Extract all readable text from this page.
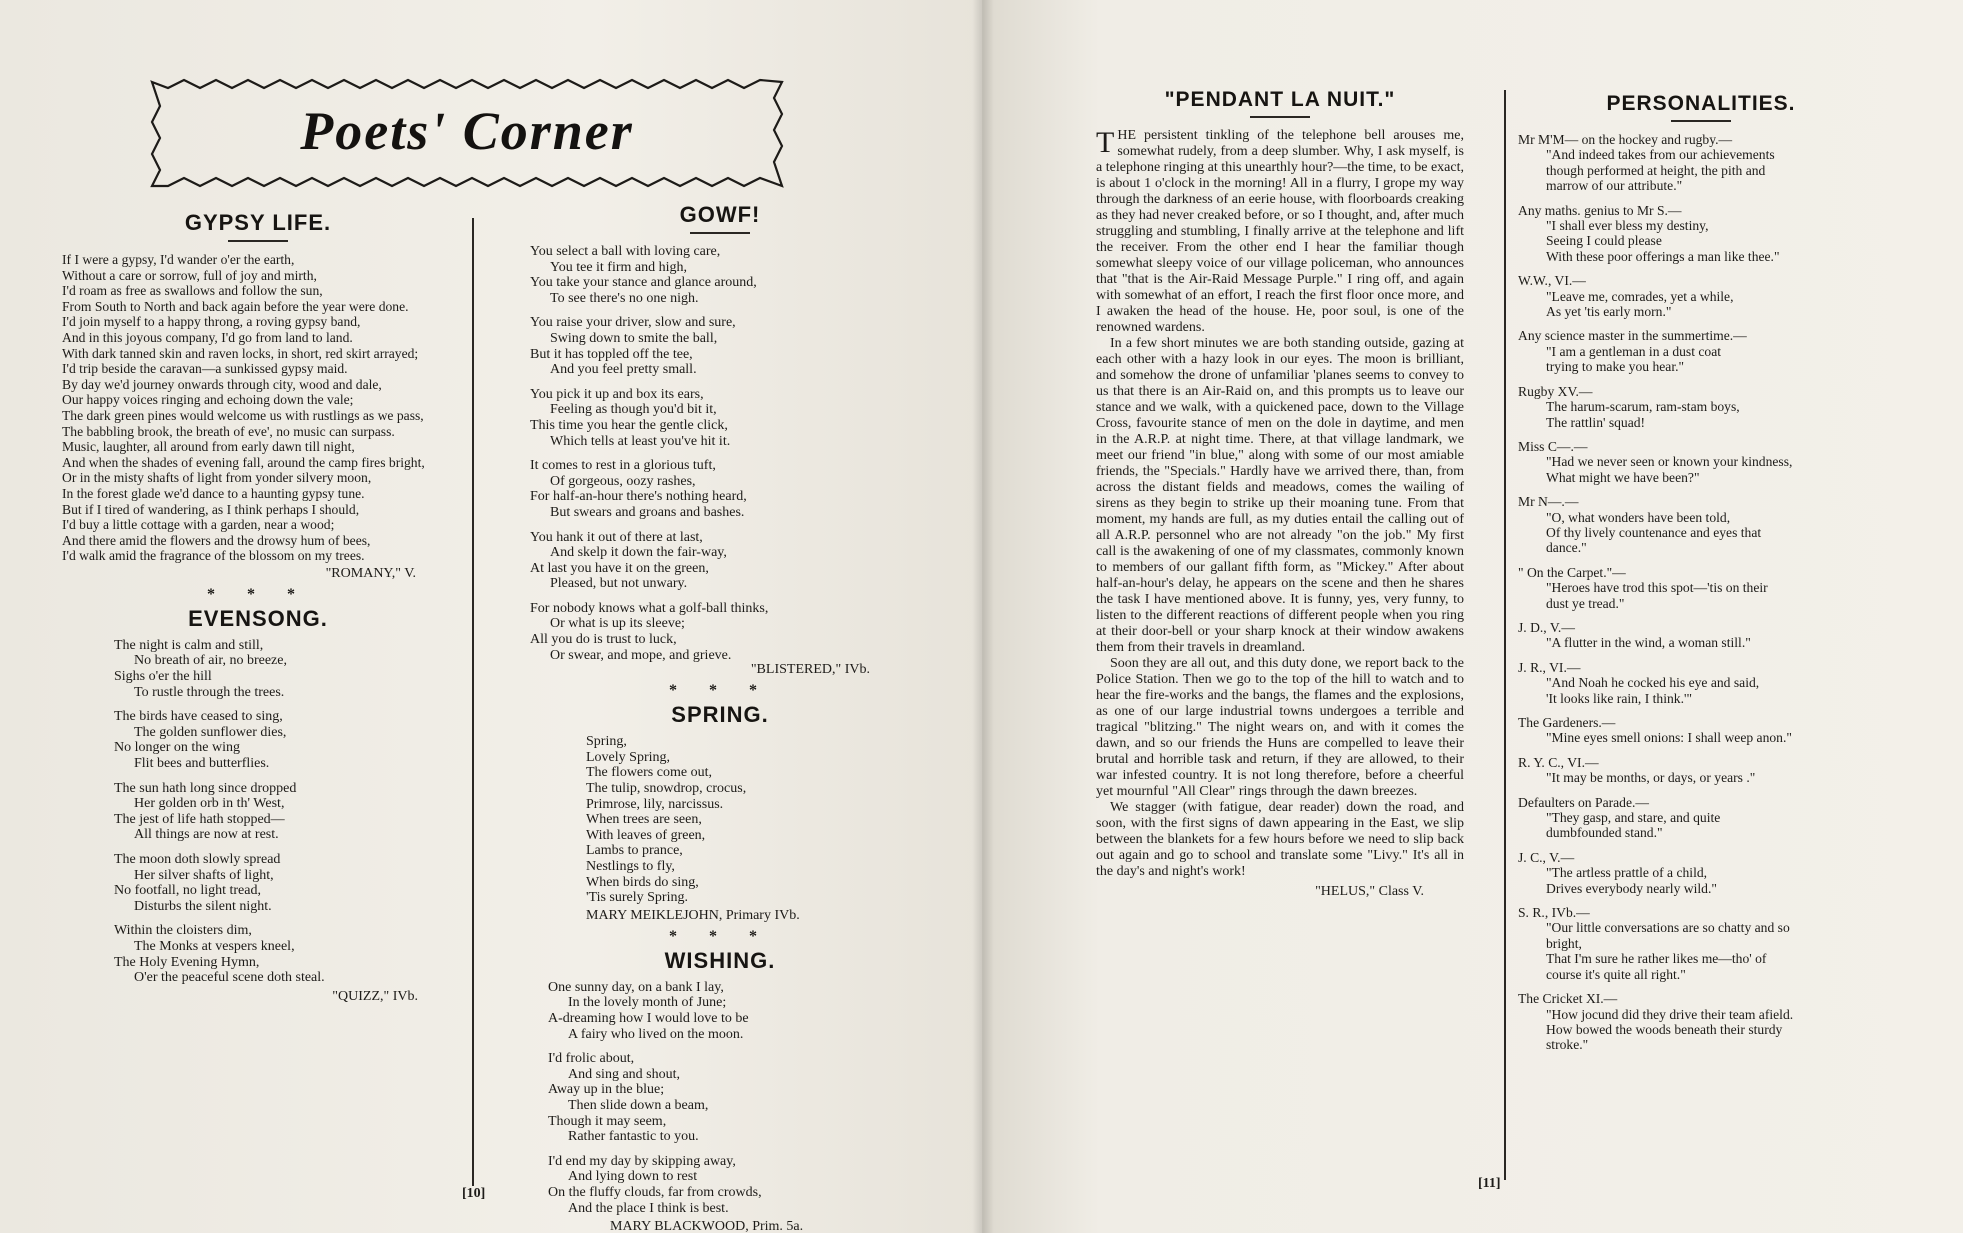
Poets' Corner
GYPSY LIFE.

If I were a gypsy, I'd wander o'er the earth,

Without a care or sorrow, full of joy and mirth,

I'd roam as free as swallows and follow the sun,

From South to North and back again before the year were done.

I'd join myself to a happy throng, a roving gypsy band,

And in this joyous company, I'd go from land to land.

With dark tanned skin and raven locks, in short, red skirt arrayed;

I'd trip beside the caravan—a sunkissed gypsy maid.

By day we'd journey onwards through city, wood and dale,

Our happy voices ringing and echoing down the vale;

The dark green pines would welcome us with rustlings as we pass,

The babbling brook, the breath of eve', no music can surpass.

Music, laughter, all around from early dawn till night,

And when the shades of evening fall, around the camp fires bright,

Or in the misty shafts of light from yonder silvery moon,

In the forest glade we'd dance to a haunting gypsy tune.

But if I tired of wandering, as I think perhaps I should,

I'd buy a little cottage with a garden, near a wood;

And there amid the flowers and the drowsy hum of bees,

I'd walk amid the fragrance of the blossom on my trees.

"ROMANY," V.
* * *
EVENSONG.
The night is calm and still,
No breath of air, no breeze,
Sighs o'er the hill
To rustle through the trees.
The birds have ceased to sing,
The golden sunflower dies,
No longer on the wing
Flit bees and butterflies.
The sun hath long since dropped
Her golden orb in th' West,
The jest of life hath stopped—
All things are now at rest.
The moon doth slowly spread
Her silver shafts of light,
No footfall, no light tread,
Disturbs the silent night.
Within the cloisters dim,
The Monks at vespers kneel,
The Holy Evening Hymn,
O'er the peaceful scene doth steal.
"QUIZZ," IVb.
GOWF!
You select a ball with loving care,
You tee it firm and high,
You take your stance and glance around,
To see there's no one nigh.
You raise your driver, slow and sure,
Swing down to smite the ball,
But it has toppled off the tee,
And you feel pretty small.
You pick it up and box its ears,
Feeling as though you'd bit it,
This time you hear the gentle click,
Which tells at least you've hit it.
It comes to rest in a glorious tuft,
Of gorgeous, oozy rashes,
For half-an-hour there's nothing heard,
But swears and groans and bashes.
You hank it out of there at last,
And skelp it down the fair-way,
At last you have it on the green,
Pleased, but not unwary.
For nobody knows what a golf-ball thinks,
Or what is up its sleeve;
All you do is trust to luck,
Or swear, and mope, and grieve.
"BLISTERED," IVb.
* * *
SPRING.
Spring,
Lovely Spring,
The flowers come out,
The tulip, snowdrop, crocus,
Primrose, lily, narcissus.
When trees are seen,
With leaves of green,
Lambs to prance,
Nestlings to fly,
When birds do sing,
'Tis surely Spring.
MARY MEIKLEJOHN, Primary IVb.
* * *
WISHING.
One sunny day, on a bank I lay,
In the lovely month of June;
A-dreaming how I would love to be
A fairy who lived on the moon.
I'd frolic about,
And sing and shout,
Away up in the blue;
Then slide down a beam,
Though it may seem,
Rather fantastic to you.
I'd end my day by skipping away,
And lying down to rest
On the fluffy clouds, far from crowds,
And the place I think is best.
MARY BLACKWOOD, Prim. 5a.
[10]
"PENDANT LA NUIT."

THE persistent tinkling of the telephone bell arouses me, somewhat rudely, from a deep slumber. Why, I ask myself, is a telephone ringing at this unearthly hour?—the time, to be exact, is about 1 o'clock in the morning! All in a flurry, I grope my way through the darkness of an eerie house, with floorboards creaking as they had never creaked before, or so I thought, and, after much struggling and stumbling, I finally arrive at the telephone and lift the receiver. From the other end I hear the familiar though somewhat sleepy voice of our village policeman, who announces that "that is the Air-Raid Message Purple." I ring off, and again with somewhat of an effort, I reach the first floor once more, and I awaken the head of the house. He, poor soul, is one of the renowned wardens.

In a few short minutes we are both standing outside, gazing at each other with a hazy look in our eyes. The moon is brilliant, and somehow the drone of unfamiliar 'planes seems to convey to us that there is an Air-Raid on, and this prompts us to leave our stance and we walk, with a quickened pace, down to the Village Cross, favourite stance of men on the dole in daytime, and men in the A.R.P. at night time. There, at that village landmark, we meet our friend "in blue," along with some of our most amiable friends, the "Specials." Hardly have we arrived there, than, from across the distant fields and meadows, comes the wailing of sirens as they begin to strike up their moaning tune. From that moment, my hands are full, as my duties entail the calling out of all A.R.P. personnel who are not already "on the job." My first call is the awakening of one of my classmates, commonly known to members of our gallant fifth form, as "Mickey." After about half-an-hour's delay, he appears on the scene and then he shares the task I have mentioned above. It is funny, yes, very funny, to listen to the different reactions of different people when you ring at their door-bell or your sharp knock at their window awakens them from their travels in dreamland.

Soon they are all out, and this duty done, we report back to the Police Station. Then we go to the top of the hill to watch and to hear the fire-works and the bangs, the flames and the explosions, as one of our large industrial towns undergoes a terrible and tragical "blitzing." The night wears on, and with it comes the dawn, and so our friends the Huns are compelled to leave their brutal and horrible task and return, if they are allowed, to their war infested country. It is not long therefore, before a cheerful yet mournful "All Clear" rings through the dawn breezes.

We stagger (with fatigue, dear reader) down the road, and soon, with the first signs of dawn appearing in the East, we slip between the blankets for a few hours before we need to slip back out again and go to school and translate some "Livy." It's all in the day's and night's work!

"HELUS," Class V.
PERSONALITIES.
Mr M'M— on the hockey and rugby.—
"And indeed takes from our achievements
though performed at height, the pith and
marrow of our attribute."
Any maths. genius to Mr S.—
"I shall ever bless my destiny,
Seeing I could please
With these poor offerings a man like thee."
W.W., VI.—
"Leave me, comrades, yet a while,
As yet 'tis early morn."
Any science master in the summertime.—
"I am a gentleman in a dust coat
trying to make you hear."
Rugby XV.—
The harum-scarum, ram-stam boys,
The rattlin' squad!
Miss C—.—
"Had we never seen or known your kindness,
What might we have been?"
Mr N—.—
"O, what wonders have been told,
Of thy lively countenance and eyes that
dance."
" On the Carpet."—
"Heroes have trod this spot—'tis on their
dust ye tread."
J. D., V.—
"A flutter in the wind, a woman still."
J. R., VI.—
"And Noah he cocked his eye and said,
'It looks like rain, I think.'"
The Gardeners.—
"Mine eyes smell onions: I shall weep anon."
R. Y. C., VI.—
"It may be months, or days, or years ."
Defaulters on Parade.—
"They gasp, and stare, and quite
dumbfounded stand."
J. C., V.—
"The artless prattle of a child,
Drives everybody nearly wild."
S. R., IVb.—
"Our little conversations are so chatty and so
bright,
That I'm sure he rather likes me—tho' of
course it's quite all right."
The Cricket XI.—
"How jocund did they drive their team afield.
How bowed the woods beneath their sturdy
stroke."
[11]
